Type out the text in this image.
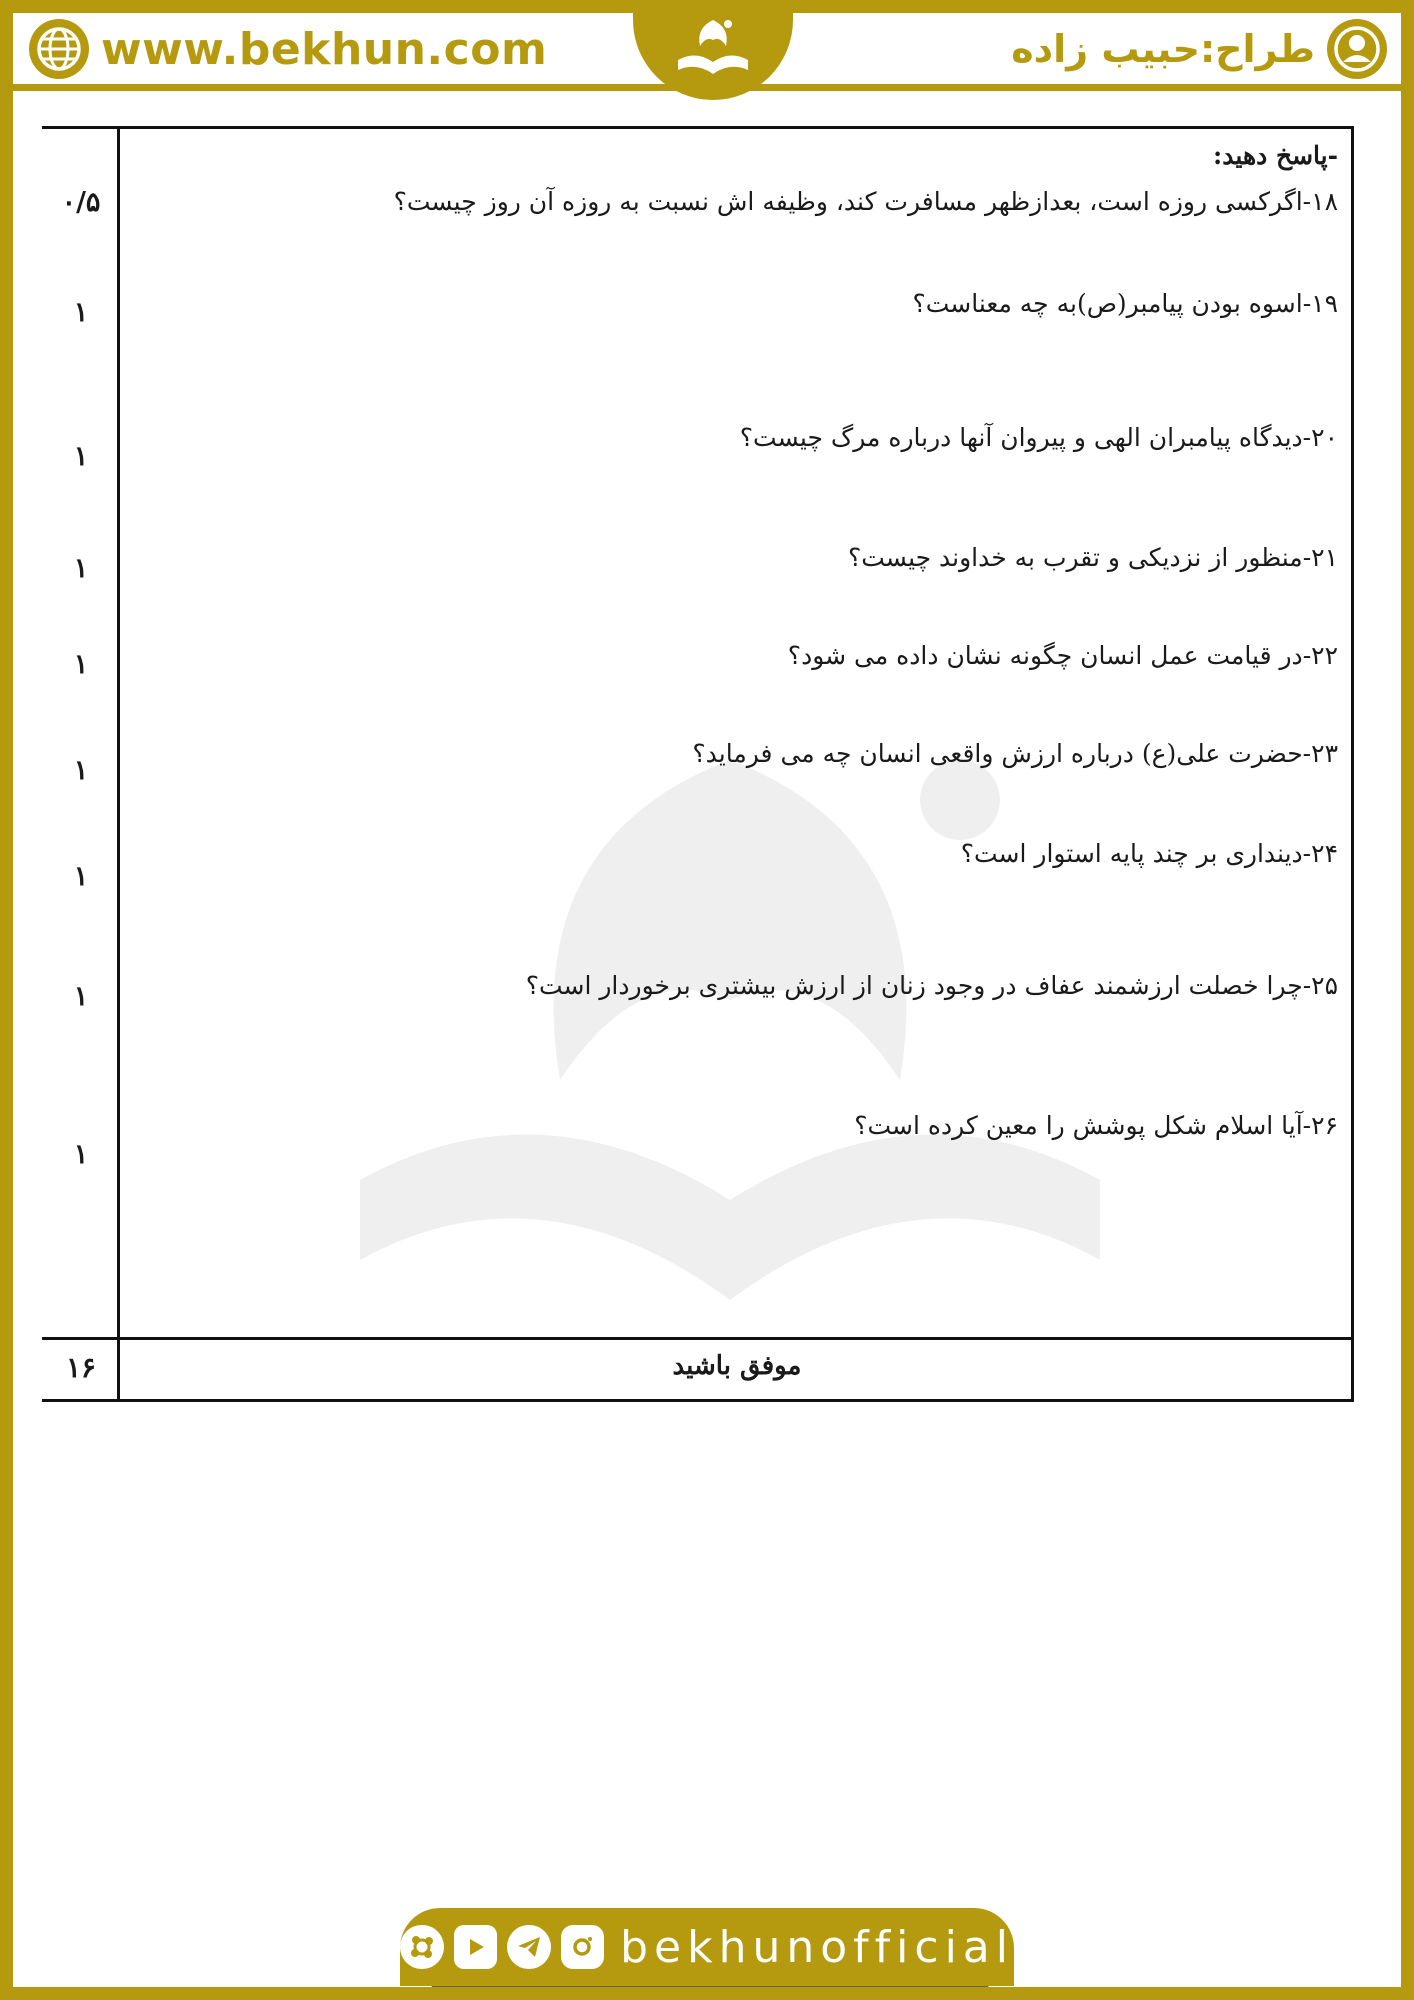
www.bekhun.com	طراح:حبیب زاده
-پاسخ دهید:
۱۸-اگرکسی روزه است، بعدازظهر مسافرت کند، وظیفه اش نسبت به روزه آن روز چیست؟
۰/۵
۱۹-اسوه بودن پیامبر(ص)به چه معناست؟
۱
۲۰-دیدگاه پیامبران الهی و پیروان آنها درباره مرگ چیست؟
۱
۲۱-منظور از نزدیکی و تقرب به خداوند چیست؟
۱
۲۲-در قیامت عمل انسان چگونه نشان داده می شود؟
۱
۲۳-حضرت علی(ع) درباره ارزش واقعی انسان چه می فرماید؟
۱
۲۴-دینداری بر چند پایه استوار است؟
۱
۲۵-چرا خصلت ارزشمند عفاف در وجود زنان از ارزش بیشتری برخوردار است؟
۱
۲۶-آیا اسلام شکل پوشش را معین کرده است؟
۱
موفق باشید
۱۶
bekhunofficial
